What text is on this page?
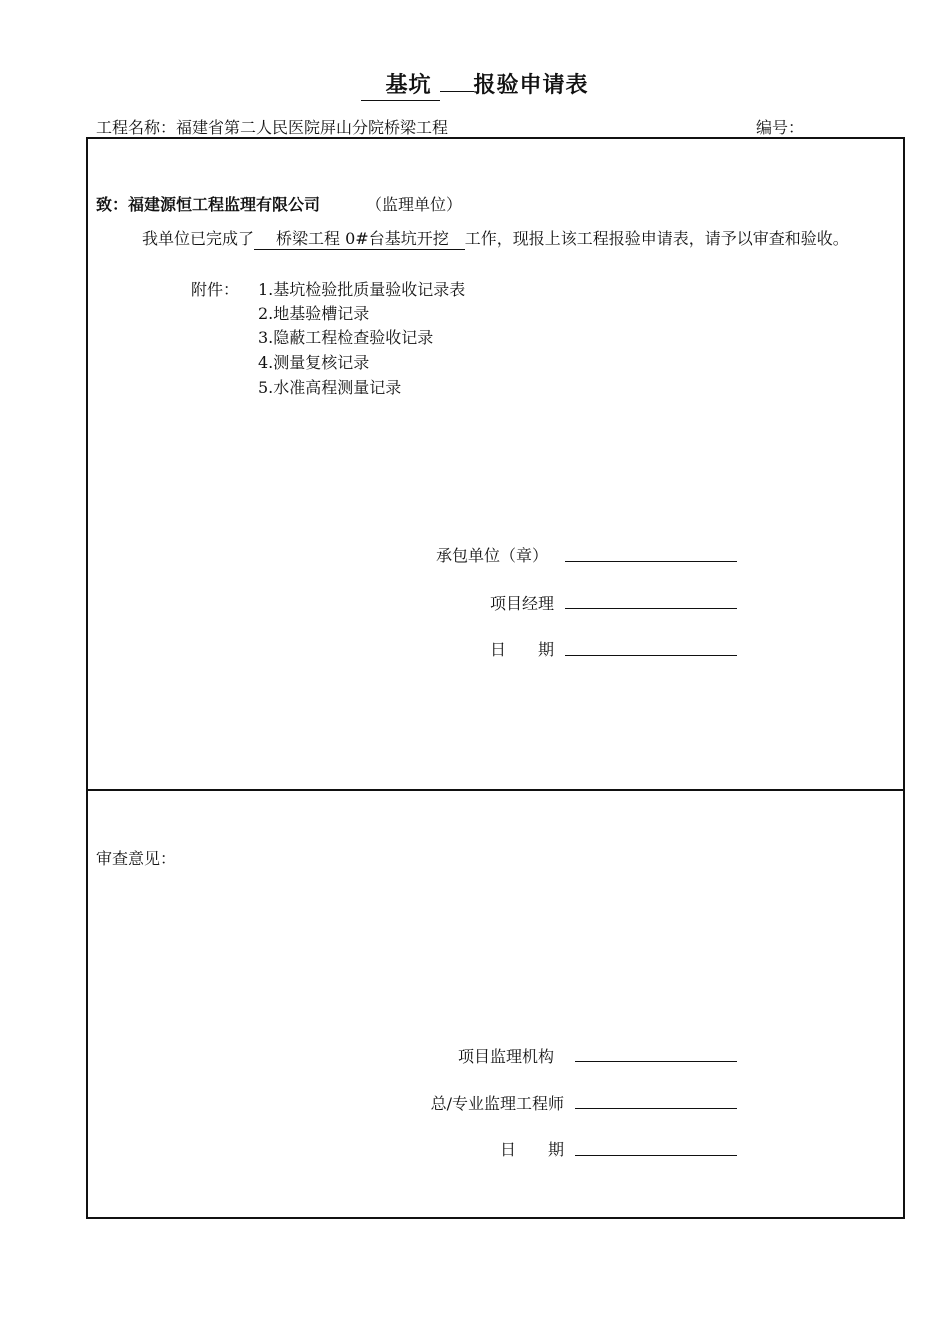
基坑 报验申请表
工程名称：福建省第二人民医院屏山分院桥梁工程	编号：
致：福建源恒工程监理有限公司	（监理单位）
我单位已完成了 桥梁工程 0#台基坑开挖 工作，现报上该工程报验申请表，请予以审查和验收。
附件： 1.基坑检验批质量验收记录表
2.地基验槽记录
3.隐蔽工程检查验收记录
4.测量复核记录
5.水准高程测量记录
承包单位（章）
项目经理
日　　期
审查意见：
项目监理机构
总/专业监理工程师
日　　期
